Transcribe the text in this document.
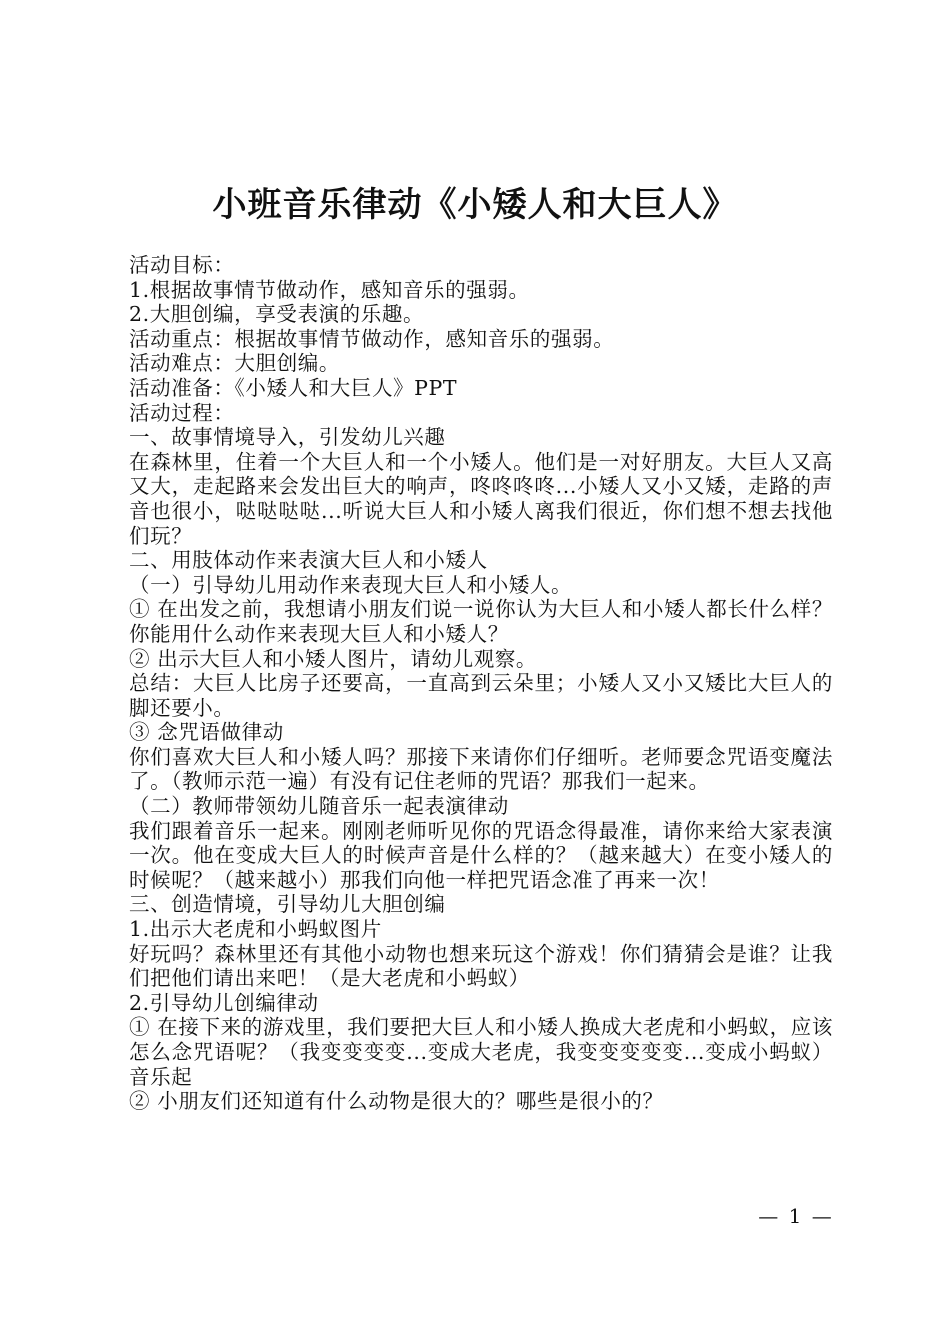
小班音乐律动《小矮人和大巨人》

活动目标：

1.根据故事情节做动作，感知音乐的强弱。

2.大胆创编，享受表演的乐趣。

活动重点：根据故事情节做动作，感知音乐的强弱。

活动难点：大胆创编。

活动准备：《小矮人和大巨人》PPT

活动过程：

一、故事情境导入，引发幼儿兴趣

在森林里，住着一个大巨人和一个小矮人。他们是一对好朋友。大巨人又高又大，走起路来会发出巨大的响声，咚咚咚咚...小矮人又小又矮，走路的声音也很小，哒哒哒哒...听说大巨人和小矮人离我们很近，你们想不想去找他们玩？

二、用肢体动作来表演大巨人和小矮人

（一）引导幼儿用动作来表现大巨人和小矮人。

① 在出发之前，我想请小朋友们说一说你认为大巨人和小矮人都长什么样？你能用什么动作来表现大巨人和小矮人？

② 出示大巨人和小矮人图片，请幼儿观察。

总结：大巨人比房子还要高，一直高到云朵里；小矮人又小又矮比大巨人的脚还要小。

③ 念咒语做律动

你们喜欢大巨人和小矮人吗？那接下来请你们仔细听。老师要念咒语变魔法了。（教师示范一遍）有没有记住老师的咒语？那我们一起来。

（二）教师带领幼儿随音乐一起表演律动

我们跟着音乐一起来。刚刚老师听见你的咒语念得最准，请你来给大家表演一次。他在变成大巨人的时候声音是什么样的？（越来越大）在变小矮人的时候呢？（越来越小）那我们向他一样把咒语念准了再来一次！

三、创造情境，引导幼儿大胆创编

1.出示大老虎和小蚂蚁图片

好玩吗？森林里还有其他小动物也想来玩这个游戏！你们猜猜会是谁？让我们把他们请出来吧！（是大老虎和小蚂蚁）

2.引导幼儿创编律动

① 在接下来的游戏里，我们要把大巨人和小矮人换成大老虎和小蚂蚁，应该怎么念咒语呢？（我变变变变...变成大老虎，我变变变变变...变成小蚂蚁）音乐起

② 小朋友们还知道有什么动物是很大的？哪些是很小的？

— 1 —
